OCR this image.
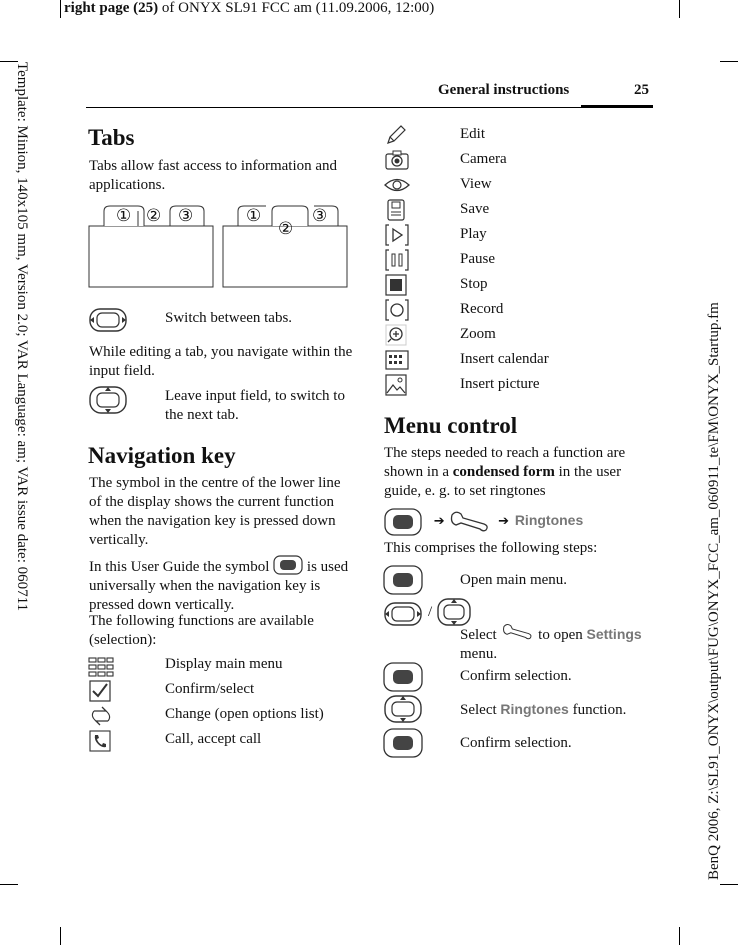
right page (25) of ONYX SL91 FCC am (11.09.2006, 12:00)
Template: Minion, 140x105 mm, Version 2.0; VAR Language: am; VAR issue date: 060711	BenQ 2006, Z:\SL91_ONYX\output\FUG\ONYX_FCC_am_060911_te\FM\ONYX_Startup.fm
General instructions	25
Tabs

Tabs allow fast access to information and applications.

① ② ③	①
②
③
Switch between tabs.

While editing a tab, you navigate within the input field.

Leave input field, to switch to the next tab.

Navigation key

The symbol in the centre of the lower line of the display shows the current function when the navigation key is pressed down vertically.

In this User Guide the symbol	is used universally when the navigation key is pressed down vertically.

The following functions are available (selection):

Display main menu
Confirm/select
Change (open options list)
Call, accept call
Edit
Camera
View
Save
Play
Pause
Stop
Record
Zoom
Insert calendar
Insert picture
Menu control

The steps needed to reach a function are shown in a condensed form in the user guide, e. g. to set ringtones

➔	➔ Ringtones

This comprises the following steps:

Open main menu.
/
Select	to open Settings
menu.
Confirm selection.
Select Ringtones function.
Confirm selection.
